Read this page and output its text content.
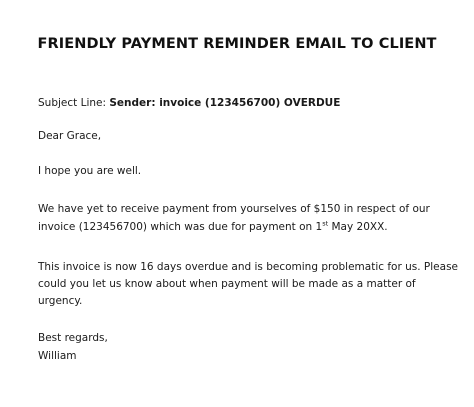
FRIENDLY PAYMENT REMINDER EMAIL TO CLIENT

Subject Line: Sender: invoice (123456700) OVERDUE

Dear Grace,

I hope you are well.

We have yet to receive payment from yourselves of $150 in respect of our

invoice (123456700) which was due for payment on 1st May 20XX.

This invoice is now 16 days overdue and is becoming problematic for us. Please

could you let us know about when payment will be made as a matter of

urgency.

Best regards,

William
